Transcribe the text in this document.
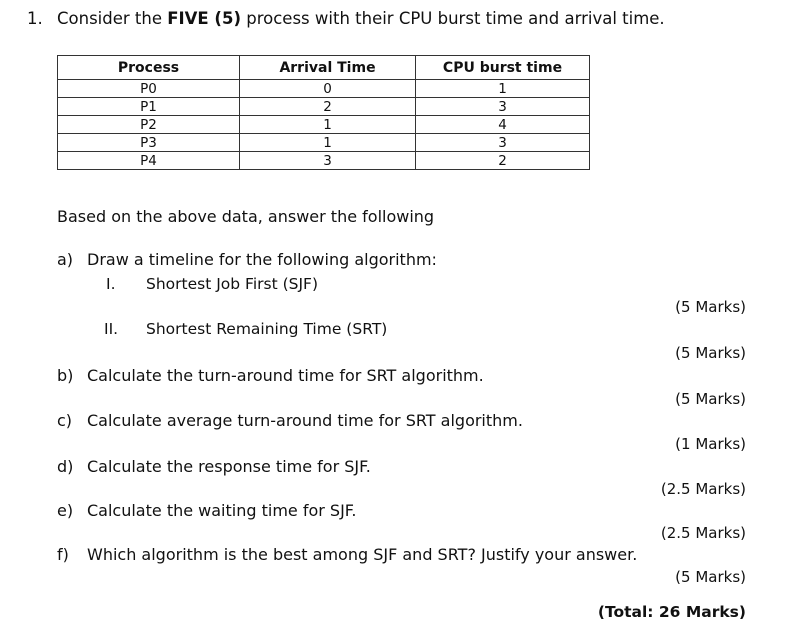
1. Consider the FIVE (5) process with their CPU burst time and arrival time.
Process	Arrival Time	CPU burst time
P0	0	1
P1	2	3
P2	1	4
P3	1	3
P4	3	2
Based on the above data, answer the following
a) Draw a timeline for the following algorithm:
I. Shortest Job First (SJF)
(5 Marks)
II. Shortest Remaining Time (SRT)
(5 Marks)
b) Calculate the turn-around time for SRT algorithm.
(5 Marks)
c) Calculate average turn-around time for SRT algorithm.
(1 Marks)
d) Calculate the response time for SJF.
(2.5 Marks)
e) Calculate the waiting time for SJF.
(2.5 Marks)
f) Which algorithm is the best among SJF and SRT? Justify your answer.
(5 Marks)
(Total: 26 Marks)
